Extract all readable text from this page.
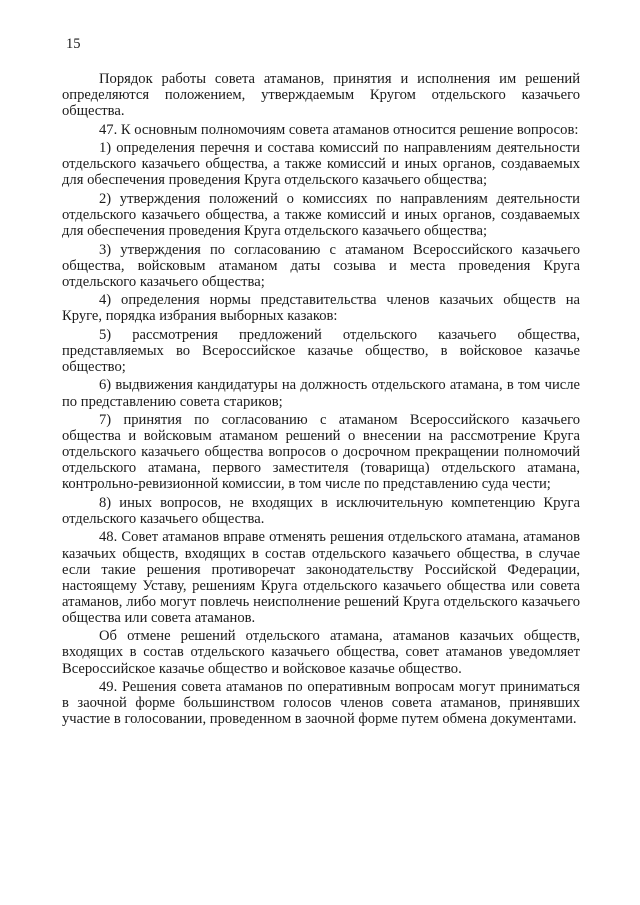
15

Порядок работы совета атаманов, принятия и исполнения им решений определяются положением, утверждаемым Кругом отдельского казачьего общества.

47. К основным полномочиям совета атаманов относится решение вопросов:

1) определения перечня и состава комиссий по направлениям деятельности отдельского казачьего общества, а также комиссий и иных органов, создаваемых для обеспечения проведения Круга отдельского казачьего общества;

2) утверждения положений о комиссиях по направлениям деятельности отдельского казачьего общества, а также комиссий и иных органов, создаваемых для обеспечения проведения Круга отдельского казачьего общества;

3) утверждения по согласованию с атаманом Всероссийского казачьего общества, войсковым атаманом даты созыва и места проведения Круга отдельского казачьего общества;

4) определения нормы представительства членов казачьих обществ на Круге, порядка избрания выборных казаков:

5) рассмотрения предложений отдельского казачьего общества, представляемых во Всероссийское казачье общество, в войсковое казачье общество;

6) выдвижения кандидатуры на должность отдельского атамана, в том числе по представлению совета стариков;

7) принятия по согласованию с атаманом Всероссийского казачьего общества и войсковым атаманом решений о внесении на рассмотрение Круга отдельского казачьего общества вопросов о досрочном прекращении полномочий отдельского атамана, первого заместителя (товарища) отдельского атамана, контрольно-ревизионной комиссии, в том числе по представлению суда чести;

8) иных вопросов, не входящих в исключительную компетенцию Круга отдельского казачьего общества.

48. Совет атаманов вправе отменять решения отдельского атамана, атаманов казачьих обществ, входящих в состав отдельского казачьего общества, в случае если такие решения противоречат законодательству Российской Федерации, настоящему Уставу, решениям Круга отдельского казачьего общества или совета атаманов, либо могут повлечь неисполнение решений Круга отдельского казачьего общества или совета атаманов.

Об отмене решений отдельского атамана, атаманов казачьих обществ, входящих в состав отдельского казачьего общества, совет атаманов уведомляет Всероссийское казачье общество и войсковое казачье общество.

49. Решения совета атаманов по оперативным вопросам могут приниматься в заочной форме большинством голосов членов совета атаманов, принявших участие в голосовании, проведенном в заочной форме путем обмена документами.
